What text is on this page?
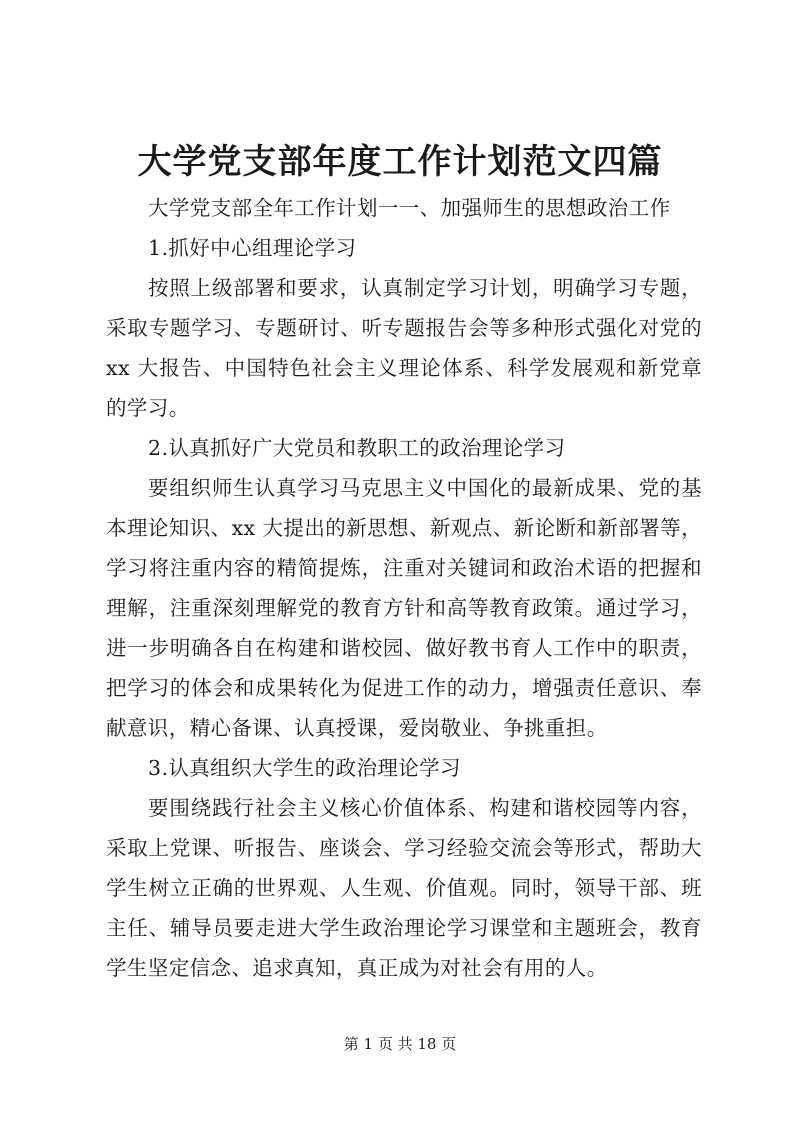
大学党支部年度工作计划范文四篇
大学党支部全年工作计划一一、加强师生的思想政治工作
1.抓好中心组理论学习
按照上级部署和要求，认真制定学习计划，明确学习专题，
采取专题学习、专题研讨、听专题报告会等多种形式强化对党的
xx 大报告、中国特色社会主义理论体系、科学发展观和新党章
的学习。
2.认真抓好广大党员和教职工的政治理论学习
要组织师生认真学习马克思主义中国化的最新成果、党的基
本理论知识、xx 大提出的新思想、新观点、新论断和新部署等，
学习将注重内容的精简提炼，注重对关键词和政治术语的把握和
理解，注重深刻理解党的教育方针和高等教育政策。通过学习，
进一步明确各自在构建和谐校园、做好教书育人工作中的职责，
把学习的体会和成果转化为促进工作的动力，增强责任意识、奉
献意识，精心备课、认真授课，爱岗敬业、争挑重担。
3.认真组织大学生的政治理论学习
要围绕践行社会主义核心价值体系、构建和谐校园等内容，
采取上党课、听报告、座谈会、学习经验交流会等形式，帮助大
学生树立正确的世界观、人生观、价值观。同时，领导干部、班
主任、辅导员要走进大学生政治理论学习课堂和主题班会，教育
学生坚定信念、追求真知，真正成为对社会有用的人。
第 1 页 共 18 页
